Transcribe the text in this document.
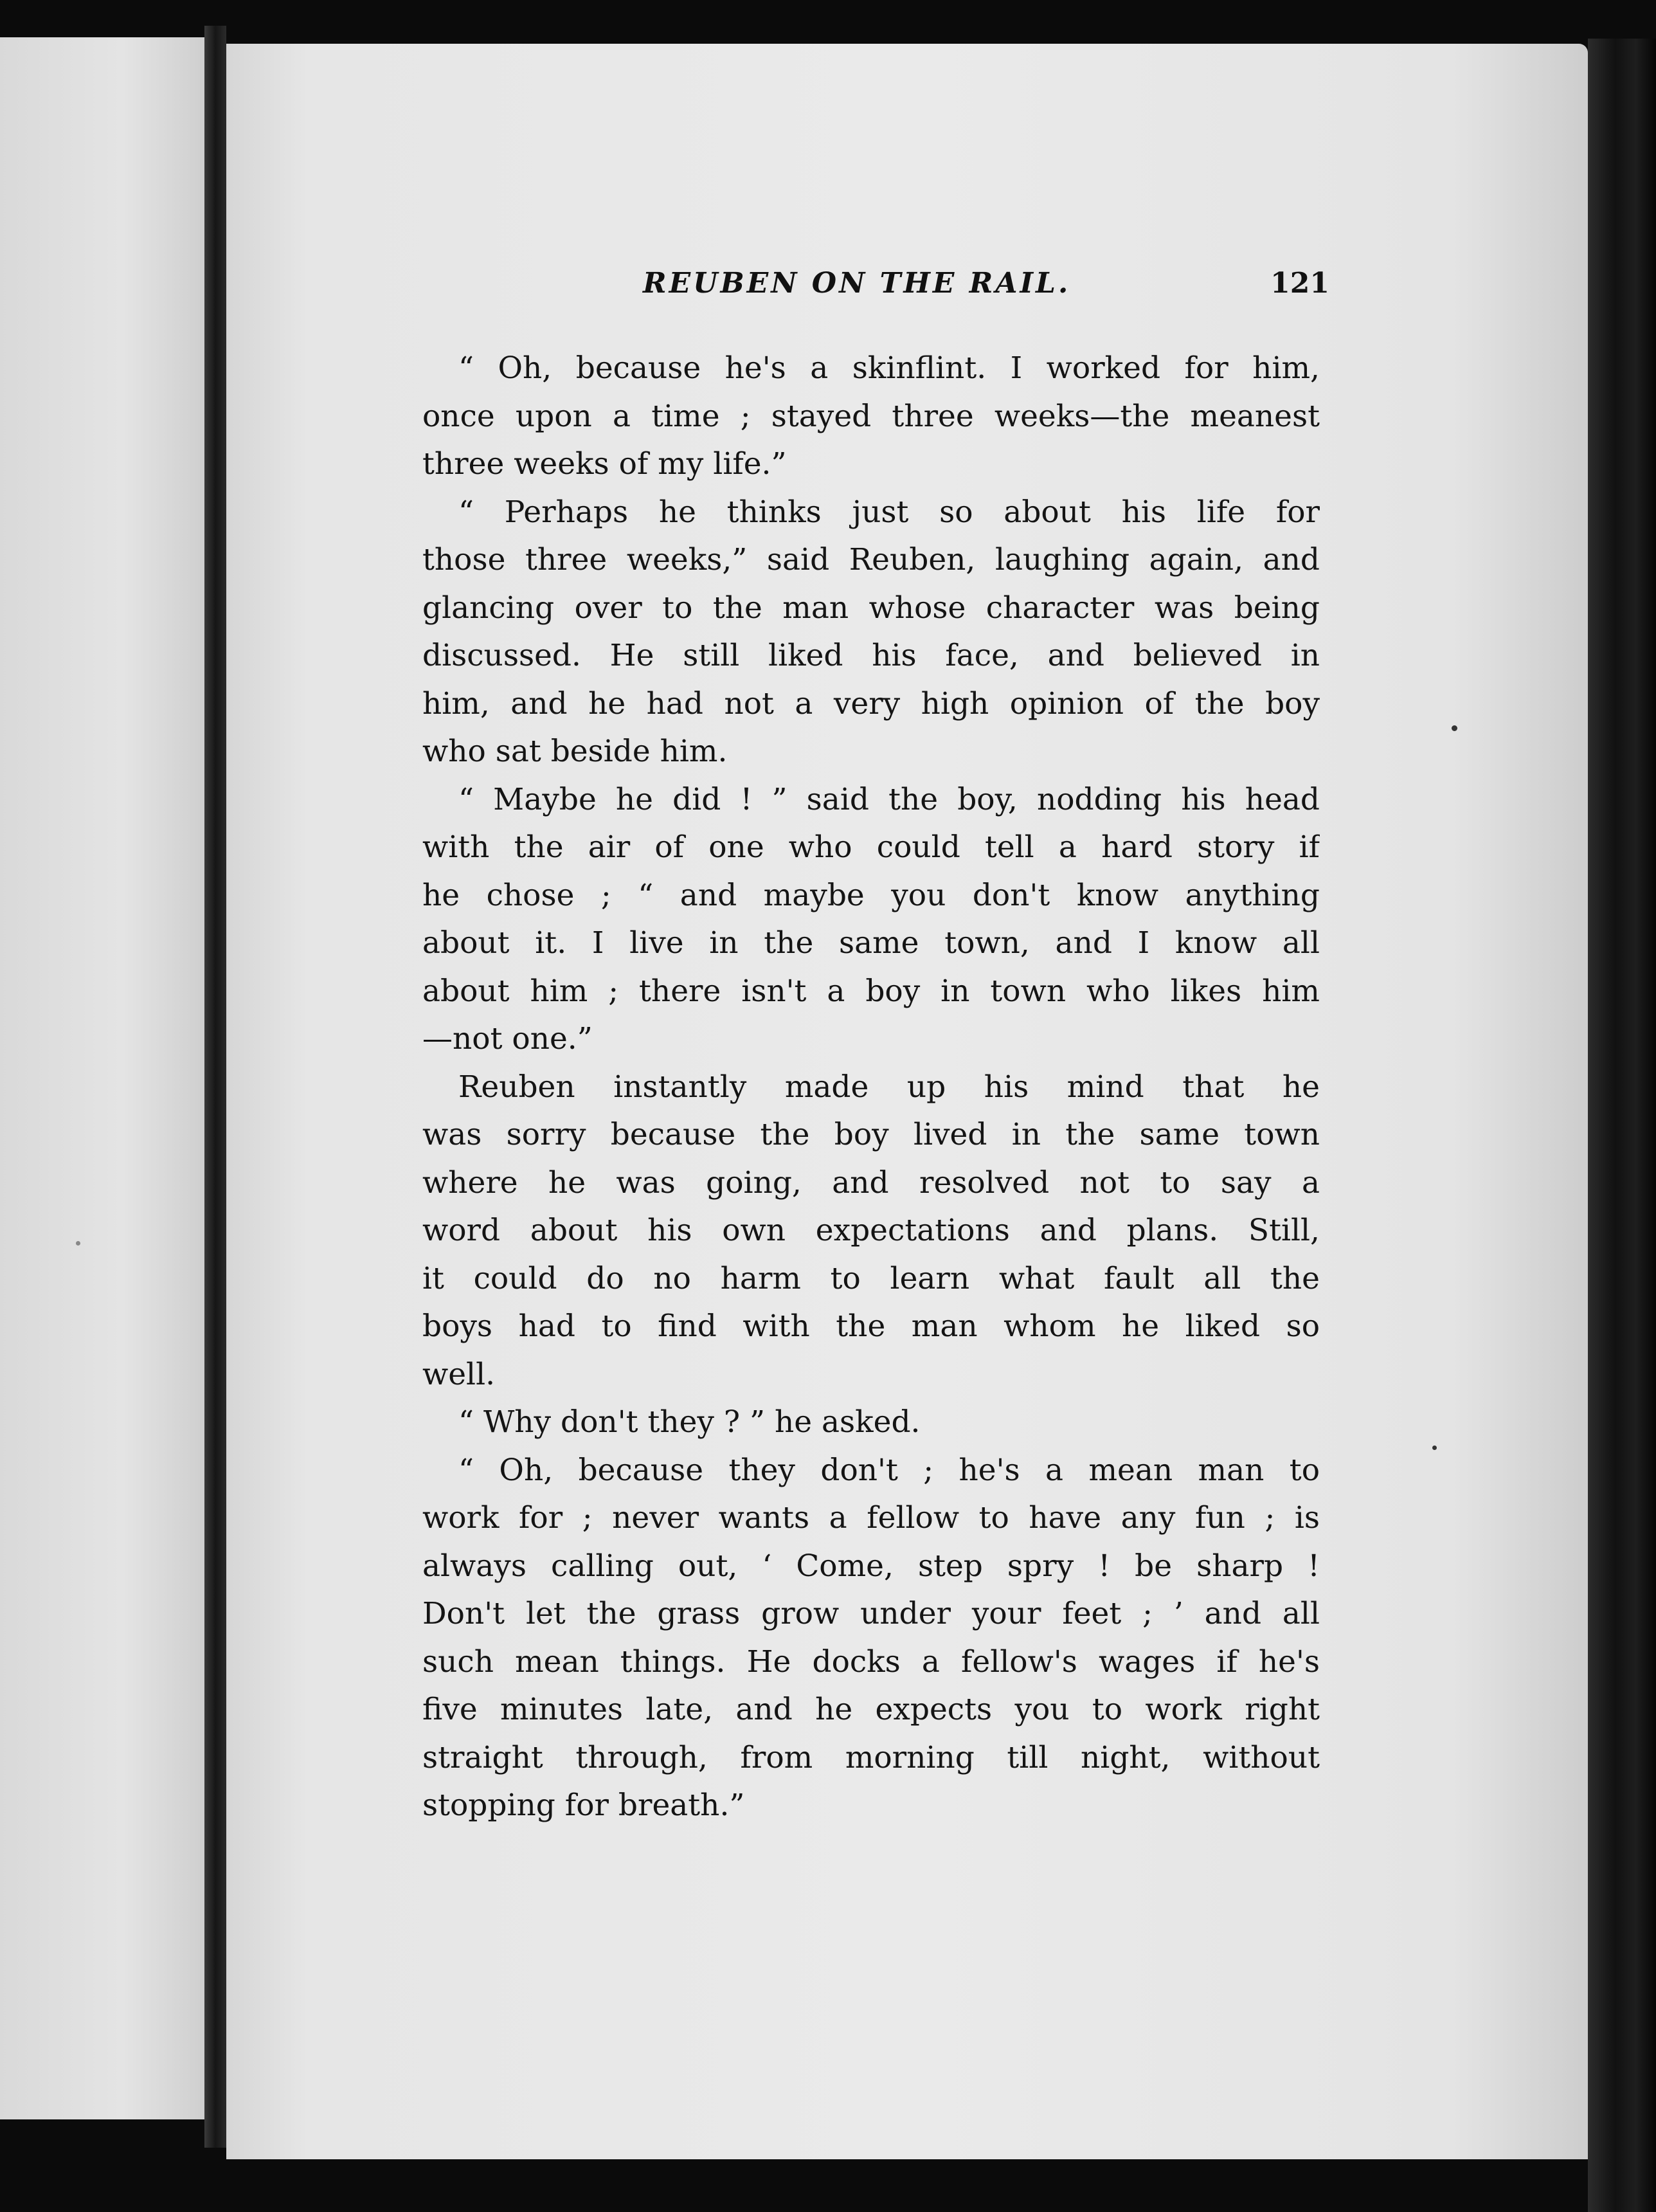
REUBEN ON THE RAIL.	121
“ Oh, because he's a skinflint. I worked for him,
once upon a time ; stayed three weeks—the meanest
three weeks of my life.”
“ Perhaps he thinks just so about his life for
those three weeks,” said Reuben, laughing again, and
glancing over to the man whose character was being
discussed. He still liked his face, and believed in
him, and he had not a very high opinion of the boy
who sat beside him.
“ Maybe he did ! ” said the boy, nodding his head
with the air of one who could tell a hard story if
he chose ; “ and maybe you don't know anything
about it. I live in the same town, and I know all
about him ; there isn't a boy in town who likes him
—not one.”
Reuben instantly made up his mind that he
was sorry because the boy lived in the same town
where he was going, and resolved not to say a
word about his own expectations and plans. Still,
it could do no harm to learn what fault all the
boys had to find with the man whom he liked so
well.
“ Why don't they ? ” he asked.
“ Oh, because they don't ; he's a mean man to
work for ; never wants a fellow to have any fun ; is
always calling out, ‘ Come, step spry ! be sharp !
Don't let the grass grow under your feet ; ’ and all
such mean things. He docks a fellow's wages if he's
five minutes late, and he expects you to work right
straight through, from morning till night, without
stopping for breath.”
